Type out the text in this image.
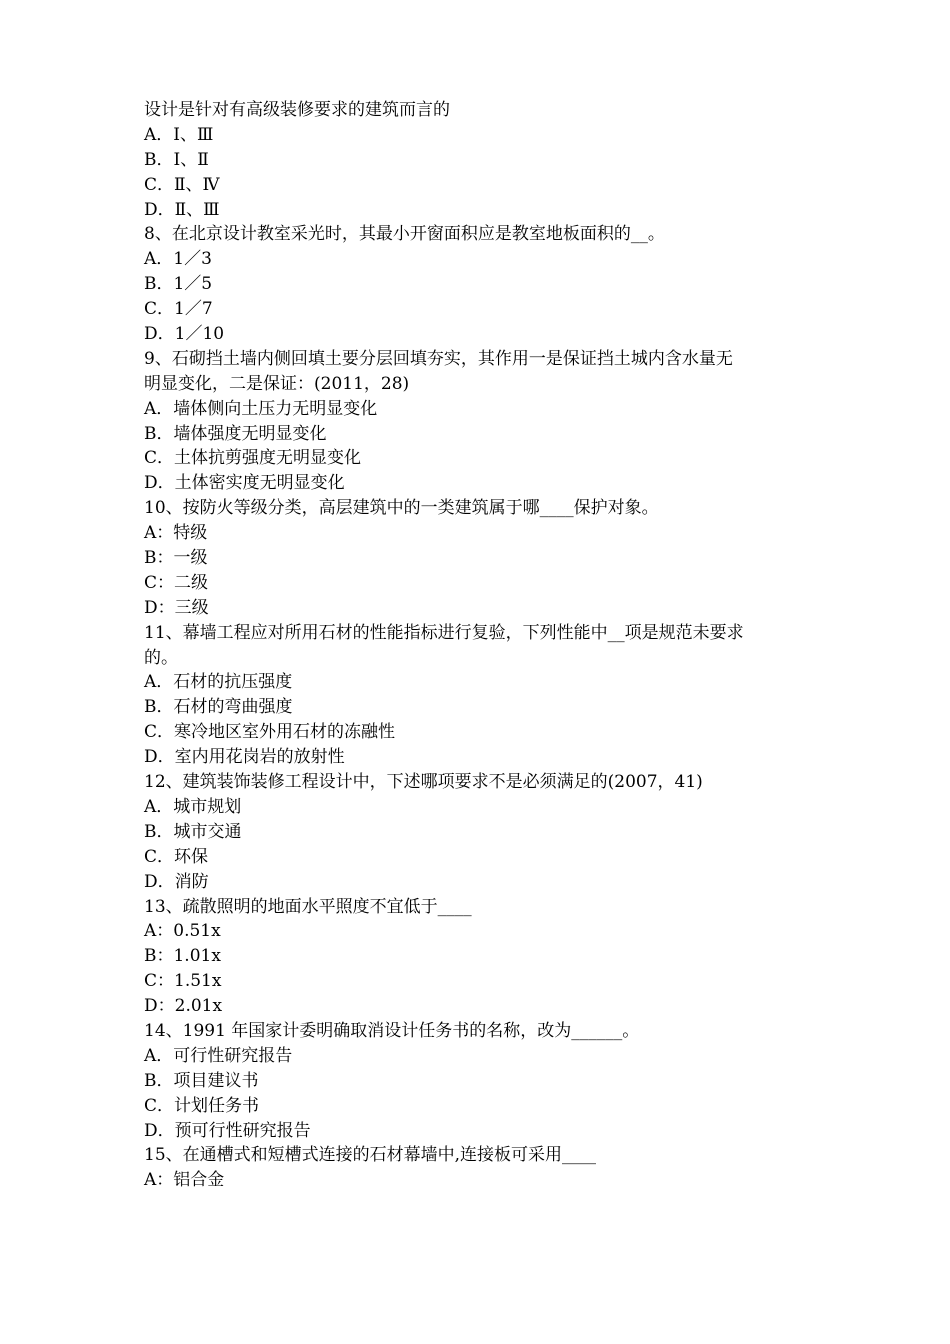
设计是针对有高级装修要求的建筑而言的
A．Ⅰ、Ⅲ
B．Ⅰ、Ⅱ
C．Ⅱ、Ⅳ
D．Ⅱ、Ⅲ
8、在北京设计教室采光时，其最小开窗面积应是教室地板面积的__。
A．1／3
B．1／5
C．1／7
D．1／10
9、石砌挡土墙内侧回填土要分层回填夯实，其作用一是保证挡土城内含水量无
明显变化，二是保证：(2011，28)
A．墙体侧向土压力无明显变化
B．墙体强度无明显变化
C．土体抗剪强度无明显变化
D．土体密实度无明显变化
10、按防火等级分类，高层建筑中的一类建筑属于哪____保护对象。
A：特级
B：一级
C：二级
D：三级
11、幕墙工程应对所用石材的性能指标进行复验，下列性能中__项是规范未要求
的。
A．石材的抗压强度
B．石材的弯曲强度
C．寒冷地区室外用石材的冻融性
D．室内用花岗岩的放射性
12、建筑装饰装修工程设计中，下述哪项要求不是必须满足的(2007，41)
A．城市规划
B．城市交通
C．环保
D．消防
13、疏散照明的地面水平照度不宜低于____
A：0.51x
B：1.01x
C：1.51x
D：2.01x
14、1991 年国家计委明确取消设计任务书的名称，改为______。
A．可行性研究报告
B．项目建议书
C．计划任务书
D．预可行性研究报告
15、在通槽式和短槽式连接的石材幕墙中,连接板可采用____
A：铝合金
